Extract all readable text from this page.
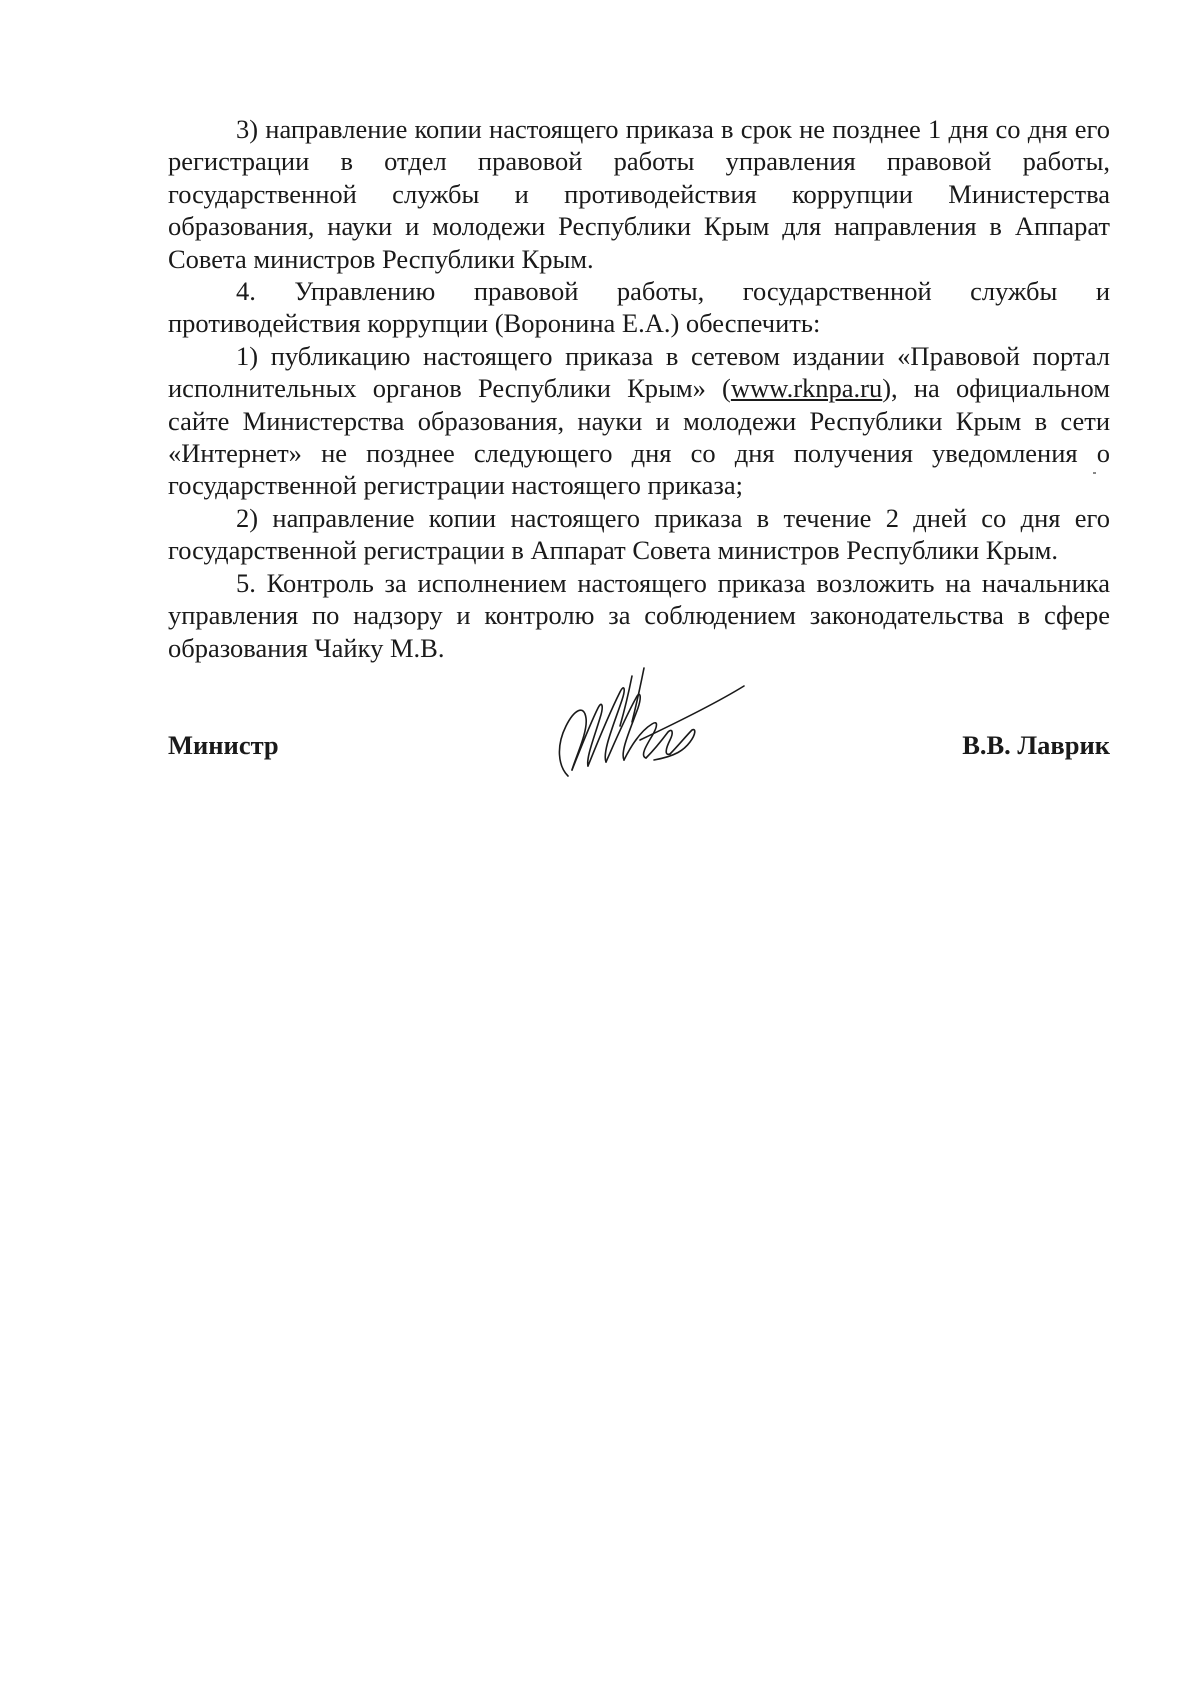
3) направление копии настоящего приказа в срок не позднее 1 дня со дня его регистрации в отдел правовой работы управления правовой работы, государственной службы и противодействия коррупции Министерства образования, науки и молодежи Республики Крым для направления в Аппарат Совета министров Республики Крым.

4. Управлению правовой работы, государственной службы и противодействия коррупции (Воронина Е.А.) обеспечить:

1) публикацию настоящего приказа в сетевом издании «Правовой портал исполнительных органов Республики Крым» (www.rknpa.ru), на официальном сайте Министерства образования, науки и молодежи Республики Крым в сети «Интернет» не позднее следующего дня со дня получения уведомления о государственной регистрации настоящего приказа;

2) направление копии настоящего приказа в течение 2 дней со дня его государственной регистрации в Аппарат Совета министров Республики Крым.

5. Контроль за исполнением настоящего приказа возложить на начальника управления по надзору и контролю за соблюдением законодательства в сфере образования Чайку М.В.

Министр	В.В. Лаврик
